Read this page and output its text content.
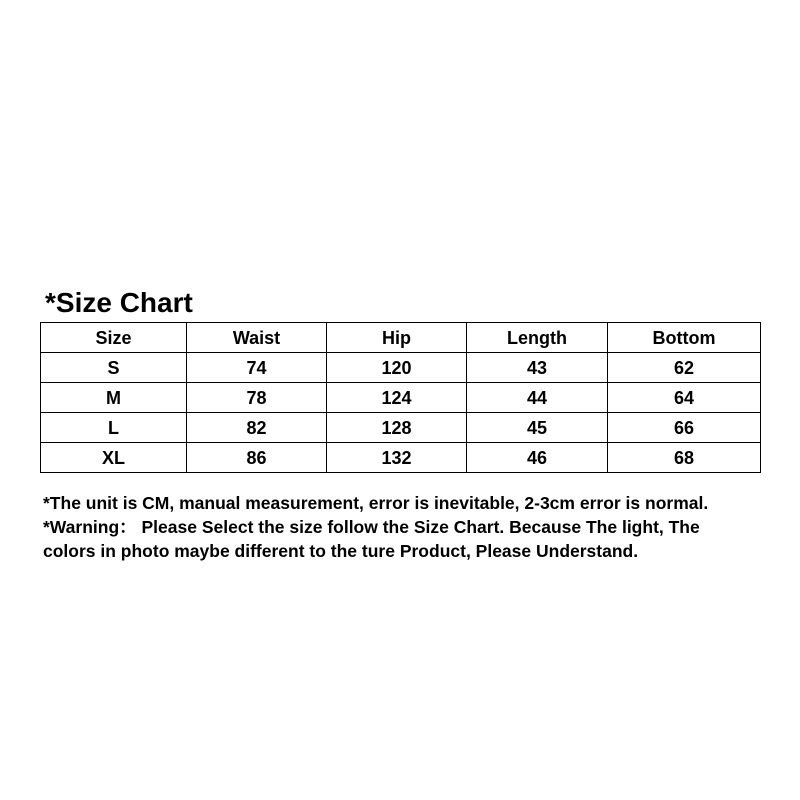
*Size Chart
Size	Waist	Hip	Length	Bottom
S	74	120	43	62
M	78	124	44	64
L	82	128	45	66
XL	86	132	46	68
*The unit is CM, manual measurement, error is inevitable, 2-3cm error is normal. *Warning： Please Select the size follow the Size Chart. Because The light, The colors in photo maybe different to the ture Product, Please Understand.
